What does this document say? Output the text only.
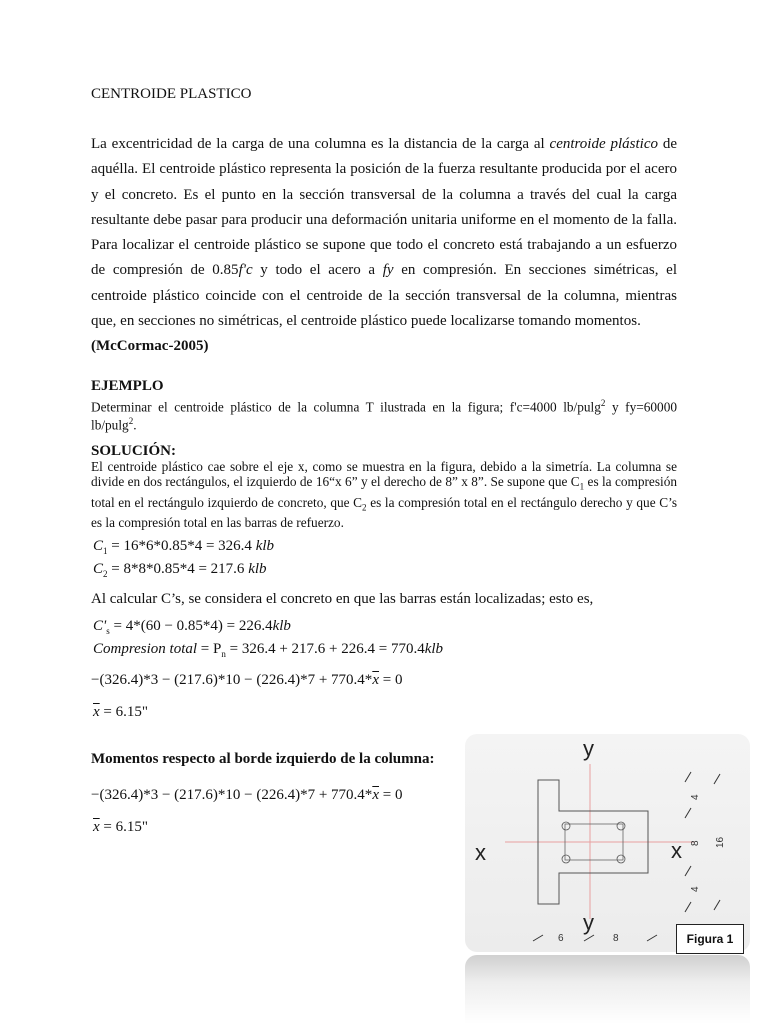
CENTROIDE PLASTICO
La excentricidad de la carga de una columna es la distancia de la carga al centroide plástico de aquélla. El centroide plástico representa la posición de la fuerza resultante producida por el acero y el concreto. Es el punto en la sección transversal de la columna a través del cual la carga resultante debe pasar para producir una deformación unitaria uniforme en el momento de la falla. Para localizar el centroide plástico se supone que todo el concreto está trabajando a un esfuerzo de compresión de 0.85f'c y todo el acero a fy en compresión. En secciones simétricas, el centroide plástico coincide con el centroide de la sección transversal de la columna, mientras que, en secciones no simétricas, el centroide plástico puede localizarse tomando momentos.
(McCormac-2005)
EJEMPLO
Determinar el centroide plástico de la columna T ilustrada en la figura; f'c=4000 lb/pulg$^2$ y fy=60000 lb/pulg$^2$.
SOLUCIÓN:
El centroide plástico cae sobre el eje x, como se muestra en la figura, debido a la simetría. La columna se divide en dos rectángulos, el izquierdo de 16“x 6” y el derecho de 8” x 8”. Se supone que $C_1$ es la compresión total en el rectángulo izquierdo de concreto, que $C_2$ es la compresión total en el rectángulo derecho y que C’s es la compresión total en las barras de refuerzo.
$C_1 = 16*6*0.85*4 = 326.4$ klb
$C_2 = 8*8*0.85*4 = 217.6$ klb
Al calcular C’s, se considera el concreto en que las barras están localizadas; esto es,
$C'_s = 4*(60 - 0.85*4) = 226.4klb$
Compresion total = $P_n = 326.4 + 217.6 + 226.4 = 770.4klb$
$-(326.4)*3 - (217.6)*10 - (226.4)*7 + 770.4*\overline{x} = 0$
$\overline{x} = 6.15$"
Momentos respecto al borde izquierdo de la columna:
$-(326.4)*3 - (217.6)*10 - (226.4)*7 + 770.4*\overline{x} = 0$
$\overline{x} = 6.15$"
y
y
x	x
4
8
4
16
6	8	Figura 1
